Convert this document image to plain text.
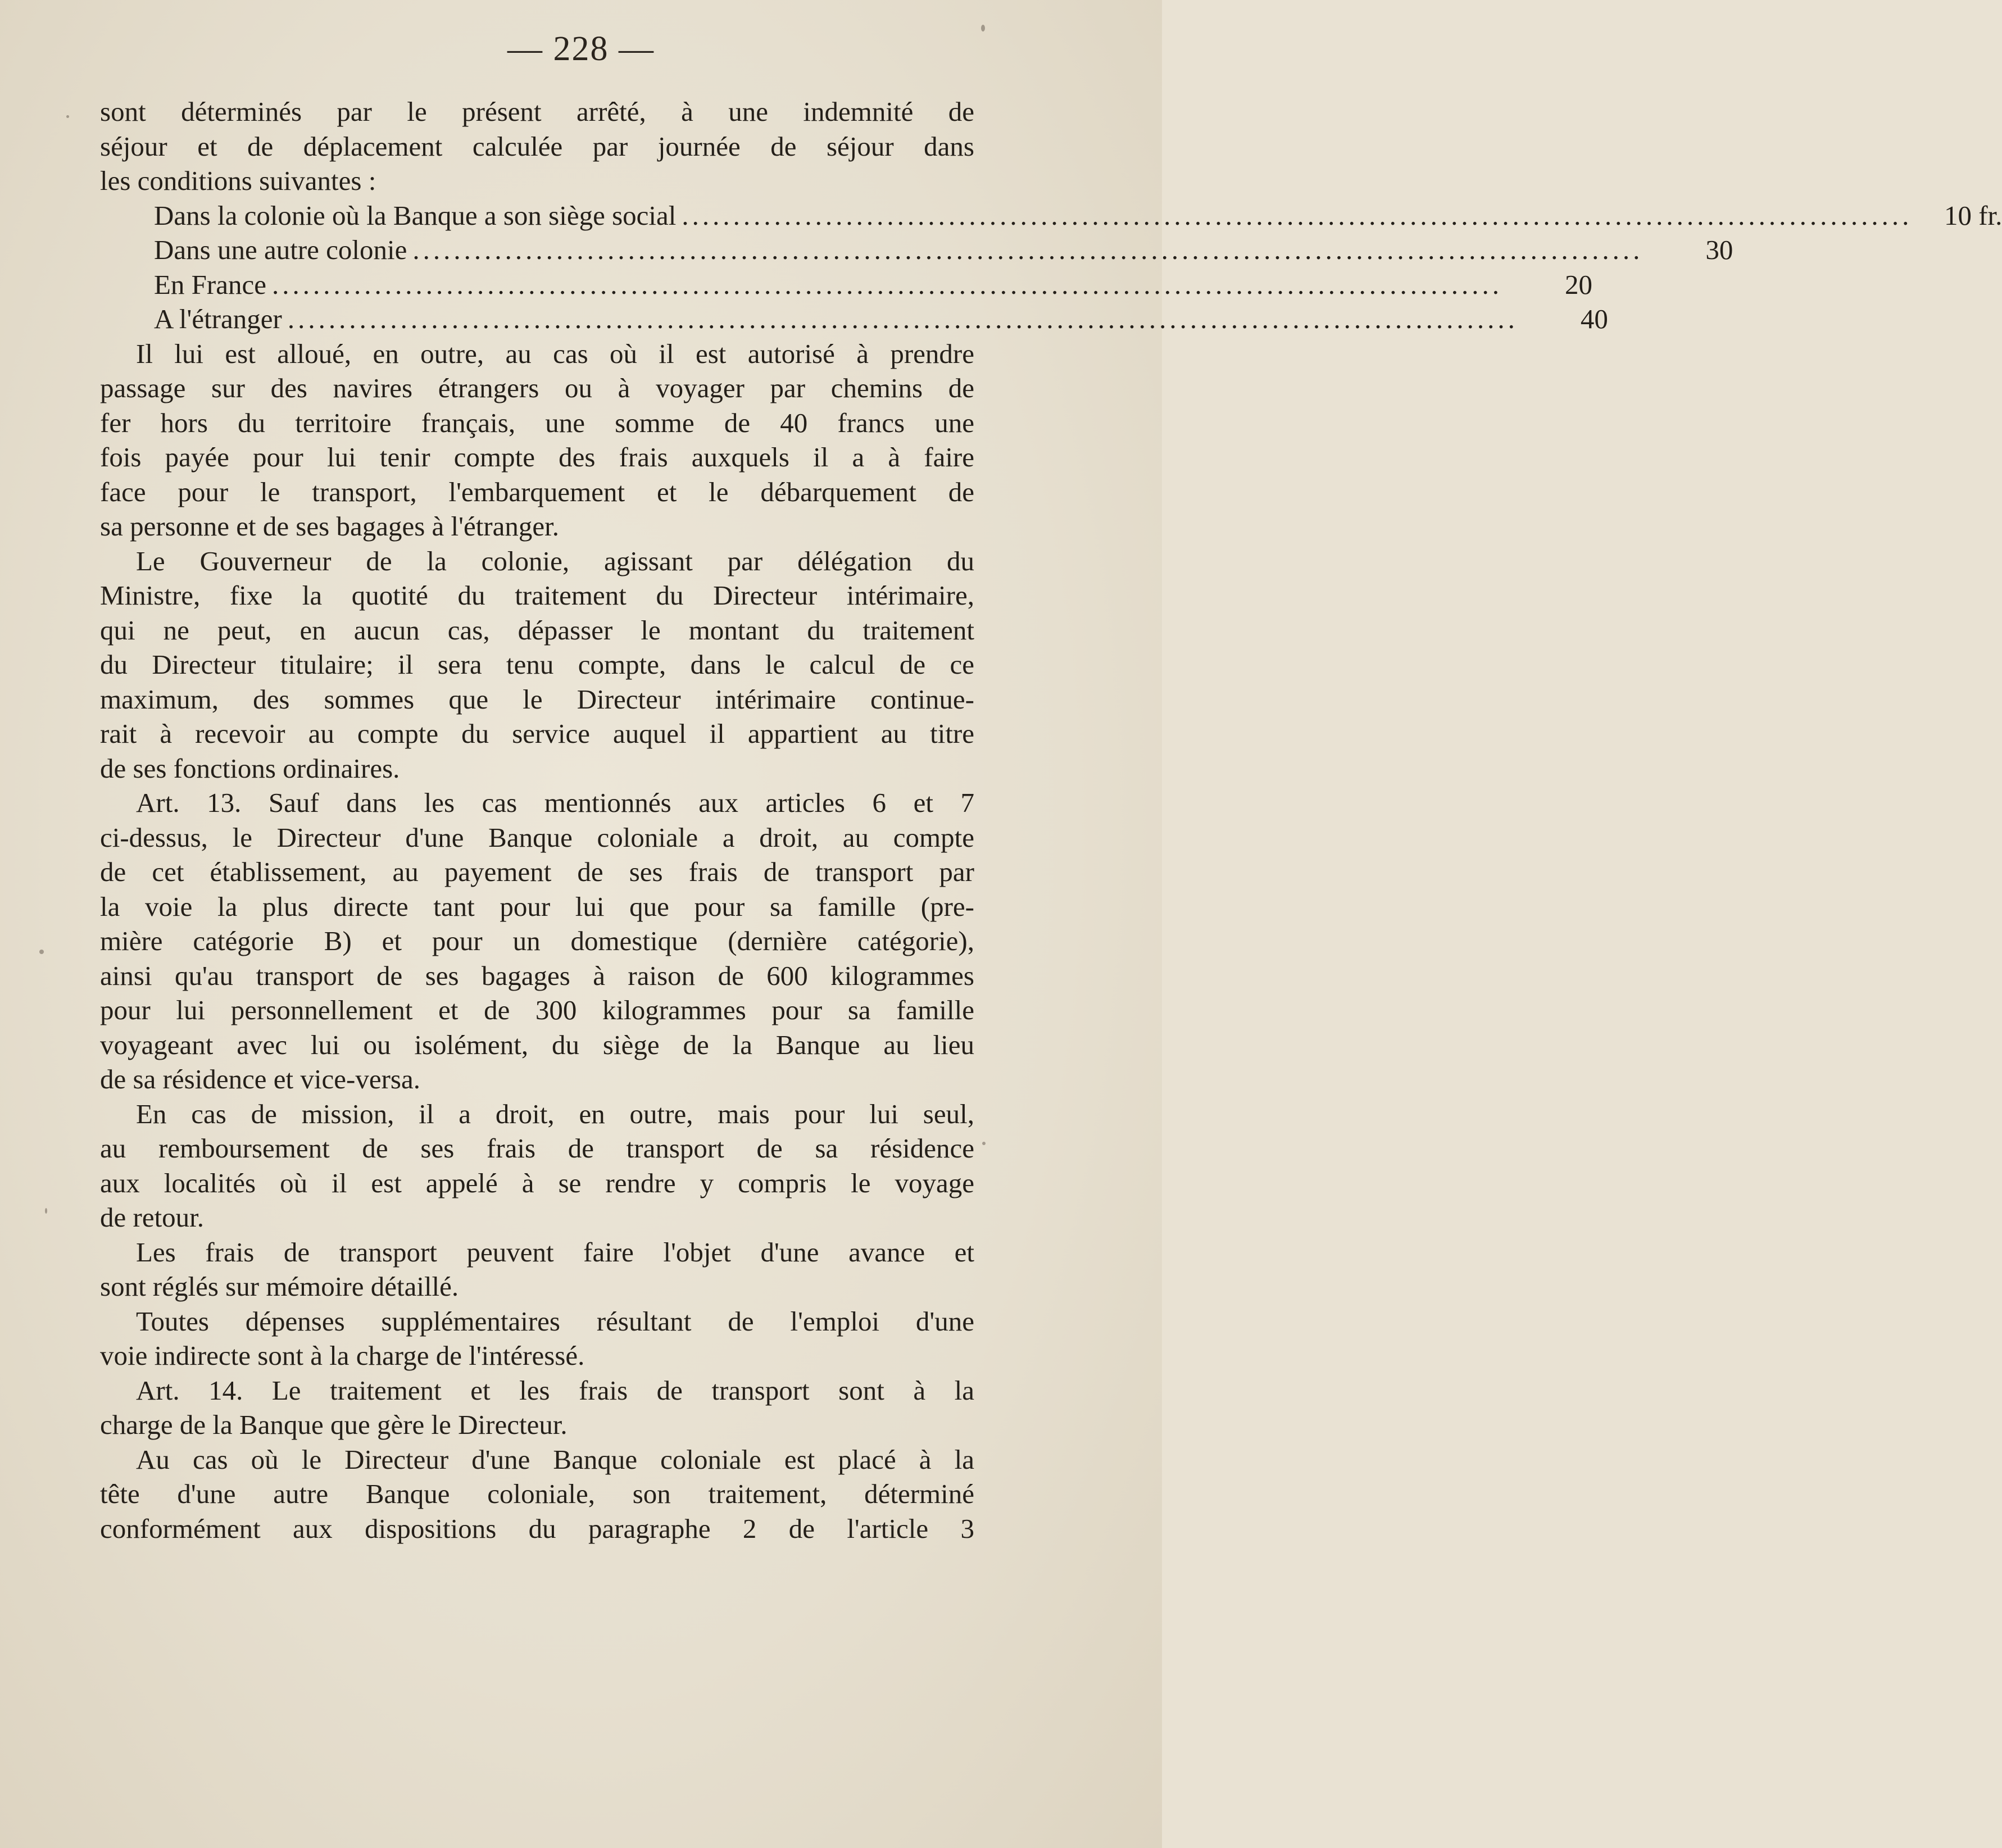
— 228 —
sont déterminés par le présent arrêté, à une indemnité de
séjour et de déplacement calculée par journée de séjour dans
les conditions suivantes :
Dans la colonie où la Banque a son siège social ........................................................................................................................	10 fr.
Dans une autre colonie ........................................................................................................................	30
En France ........................................................................................................................	20
A l'étranger ........................................................................................................................	40
Il lui est alloué, en outre, au cas où il est autorisé à prendre
passage sur des navires étrangers ou à voyager par chemins de
fer hors du territoire français, une somme de 40 francs une
fois payée pour lui tenir compte des frais auxquels il a à faire
face pour le transport, l'embarquement et le débarquement de
sa personne et de ses bagages à l'étranger.
Le Gouverneur de la colonie, agissant par délégation du
Ministre, fixe la quotité du traitement du Directeur intérimaire,
qui ne peut, en aucun cas, dépasser le montant du traitement
du Directeur titulaire; il sera tenu compte, dans le calcul de ce
maximum, des sommes que le Directeur intérimaire continue-
rait à recevoir au compte du service auquel il appartient au titre
de ses fonctions ordinaires.
Art. 13. Sauf dans les cas mentionnés aux articles 6 et 7
ci-dessus, le Directeur d'une Banque coloniale a droit, au compte
de cet établissement, au payement de ses frais de transport par
la voie la plus directe tant pour lui que pour sa famille (pre-
mière catégorie B) et pour un domestique (dernière catégorie),
ainsi qu'au transport de ses bagages à raison de 600 kilogrammes
pour lui personnellement et de 300 kilogrammes pour sa famille
voyageant avec lui ou isolément, du siège de la Banque au lieu
de sa résidence et vice-versa.
En cas de mission, il a droit, en outre, mais pour lui seul,
au remboursement de ses frais de transport de sa résidence
aux localités où il est appelé à se rendre y compris le voyage
de retour.
Les frais de transport peuvent faire l'objet d'une avance et
sont réglés sur mémoire détaillé.
Toutes dépenses supplémentaires résultant de l'emploi d'une
voie indirecte sont à la charge de l'intéressé.
Art. 14. Le traitement et les frais de transport sont à la
charge de la Banque que gère le Directeur.
Au cas où le Directeur d'une Banque coloniale est placé à la
tête d'une autre Banque coloniale, son traitement, déterminé
conformément aux dispositions du paragraphe 2 de l'article 3
